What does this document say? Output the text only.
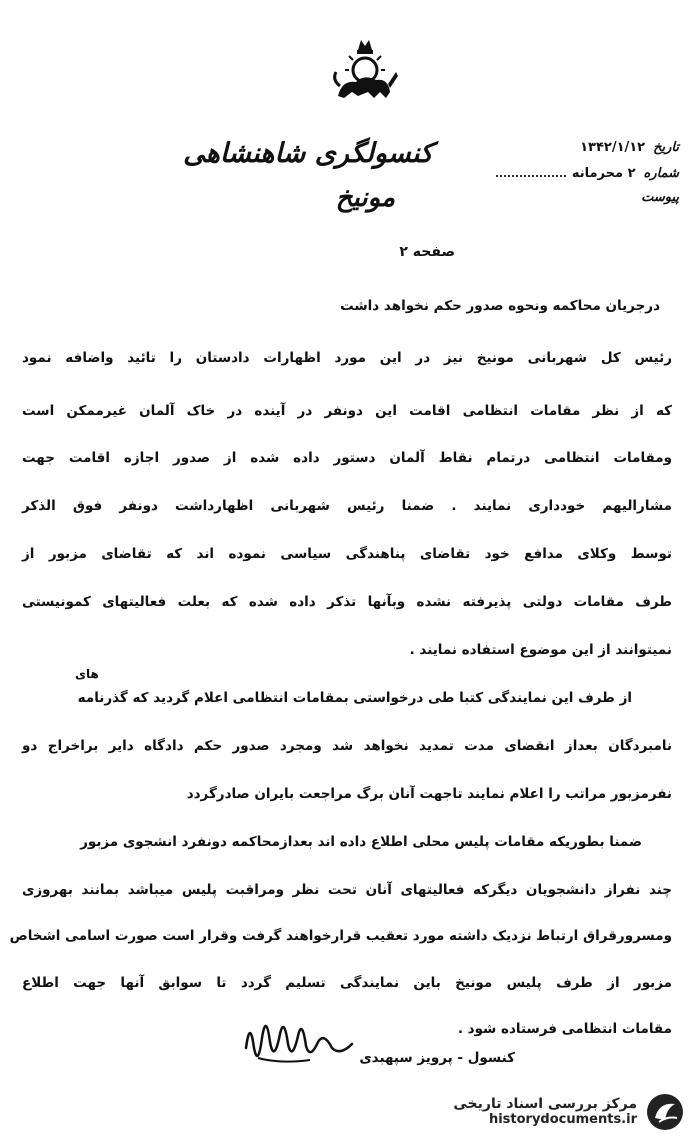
کنسولگری شاهنشاهی
مونیخ
تاریخ
۱۳۴۲/۱/۱۲
شماره
۲ محرمانه
پیوست
صفحه ۲
درجریان محاکمه ونحوه صدور حکم نخواهد داشت
رئیس کل شهربانی مونیخ نیز در این مورد اظهارات دادستان را تائید واضافه نمود
که از نظر مقامات انتظامی اقامت این دونفر در آینده در خاک آلمان غیرممکن است
ومقامات انتظامی درتمام نقاط آلمان دستور داده شده از صدور اجازه اقامت جهت
مشارالیهم خودداری نمایند . ضمنا رئیس شهربانی اظهارداشت دونفر فوق الذکر
توسط وکلای مدافع خود تقاضای پناهندگی سیاسی نموده اند که تقاضای مزبور از
طرف مقامات دولتی پذیرفته نشده وبآنها تذکر داده شده که بعلت فعالیتهای کمونیستی
نمیتوانند از این موضوع استفاده نمایند .
از طرف این نمایندگی کتبا طی درخواستی بمقامات انتظامی اعلام گردید که گذرنامه
نامبردگان بعداز انقضای مدت تمدید نخواهد شد ومجرد صدور حکم دادگاه دایر براخراج دو
نفرمزبور مراتب را اعلام نمایند تاجهت آنان برگ مراجعت بایران صادرگردد
ضمنا بطوریکه مقامات پلیس محلی اطلاع داده اند بعدازمحاکمه دونفرد انشجوی مزبور
چند نفراز دانشجویان دیگرکه فعالیتهای آنان تحت نظر ومراقبت پلیس میباشد بمانند بهروزی
ومسرورقراق ارتباط نزدیک داشته مورد تعقیب قرارخواهند گرفت وقرار است صورت اسامی اشخاص
مزبور از طرف پلیس مونیخ باین نمایندگی تسلیم گردد تا سوابق آنها جهت اطلاع
مقامات انتظامی فرستاده شود .
های
کنسول - پرویز سپهبدی
مرکز بررسی اسناد تاریخی
historydocuments.ir
